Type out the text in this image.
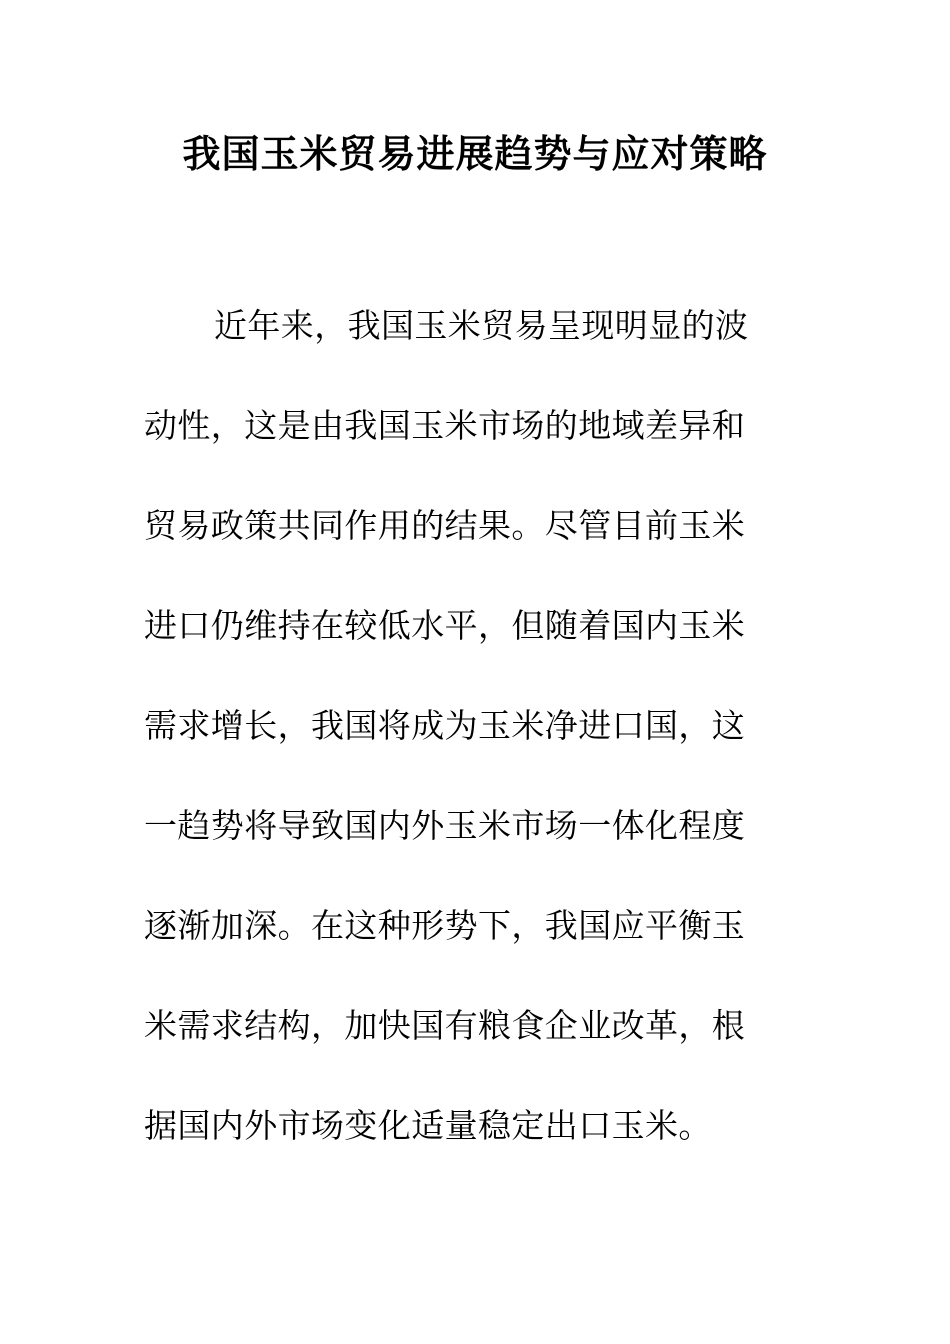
我国玉米贸易进展趋势与应对策略
近年来，我国玉米贸易呈现明显的波
动性，这是由我国玉米市场的地域差异和
贸易政策共同作用的结果。尽管目前玉米
进口仍维持在较低水平，但随着国内玉米
需求增长，我国将成为玉米净进口国，这
一趋势将导致国内外玉米市场一体化程度
逐渐加深。在这种形势下，我国应平衡玉
米需求结构，加快国有粮食企业改革，根
据国内外市场变化适量稳定出口玉米。
